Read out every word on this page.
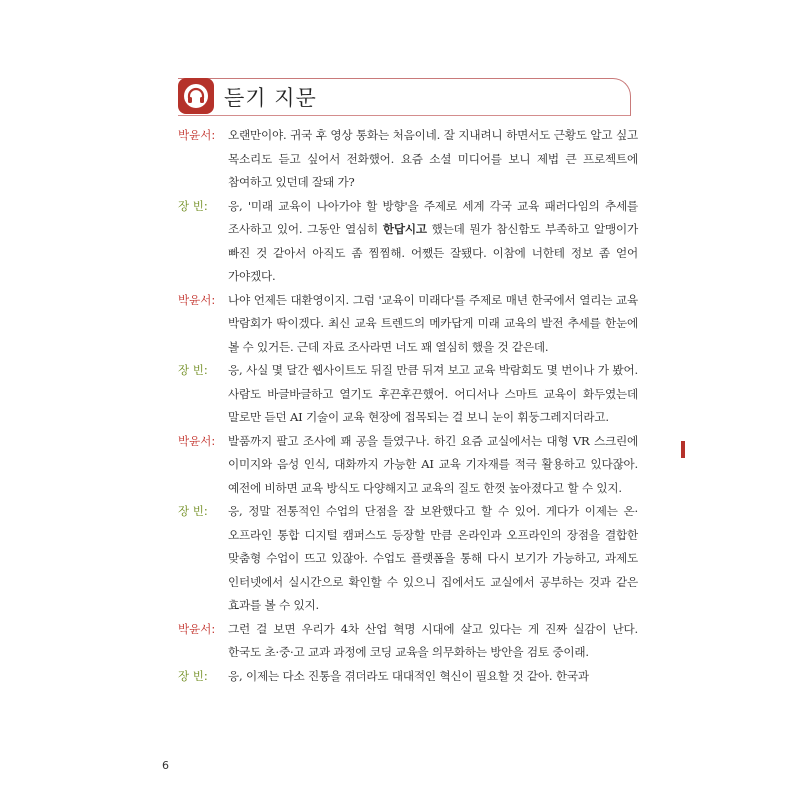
듣기 지문
박윤서:	오랜만이야. 귀국 후 영상 통화는 처음이네. 잘 지내려니 하면서도 근황도 알고 싶고 목소리도 듣고 싶어서 전화했어. 요즘 소셜 미디어를 보니 제법 큰 프로젝트에 참여하고 있던데 잘돼 가?
장 빈:	응, '미래 교육이 나아가야 할 방향'을 주제로 세계 각국 교육 패러다임의 추세를 조사하고 있어. 그동안 열심히 한답시고 했는데 뭔가 참신함도 부족하고 알맹이가 빠진 것 같아서 아직도 좀 찜찜해. 어쨌든 잘됐다. 이참에 너한테 정보 좀 얻어 가야겠다.
박윤서:	나야 언제든 대환영이지. 그럼 '교육이 미래다'를 주제로 매년 한국에서 열리는 교육 박람회가 딱이겠다. 최신 교육 트렌드의 메카답게 미래 교육의 발전 추세를 한눈에 볼 수 있거든. 근데 자료 조사라면 너도 꽤 열심히 했을 것 같은데.
장 빈:	응, 사실 몇 달간 웹사이트도 뒤질 만큼 뒤져 보고 교육 박람회도 몇 번이나 가 봤어. 사람도 바글바글하고 열기도 후끈후끈했어. 어디서나 스마트 교육이 화두였는데 말로만 듣던 AI 기술이 교육 현장에 접목되는 걸 보니 눈이 휘둥그레지더라고.
박윤서:	발품까지 팔고 조사에 꽤 공을 들였구나. 하긴 요즘 교실에서는 대형 VR 스크린에 이미지와 음성 인식, 대화까지 가능한 AI 교육 기자재를 적극 활용하고 있다잖아. 예전에 비하면 교육 방식도 다양해지고 교육의 질도 한껏 높아졌다고 할 수 있지.
장 빈:	응, 정말 전통적인 수업의 단점을 잘 보완했다고 할 수 있어. 게다가 이제는 온·오프라인 통합 디지털 캠퍼스도 등장할 만큼 온라인과 오프라인의 장점을 결합한 맞춤형 수업이 뜨고 있잖아. 수업도 플랫폼을 통해 다시 보기가 가능하고, 과제도 인터넷에서 실시간으로 확인할 수 있으니 집에서도 교실에서 공부하는 것과 같은 효과를 볼 수 있지.
박윤서:	그런 걸 보면 우리가 4차 산업 혁명 시대에 살고 있다는 게 진짜 실감이 난다. 한국도 초·중·고 교과 과정에 코딩 교육을 의무화하는 방안을 검토 중이래.
장 빈:	응, 이제는 다소 진통을 겪더라도 대대적인 혁신이 필요할 것 같아. 한국과
6
